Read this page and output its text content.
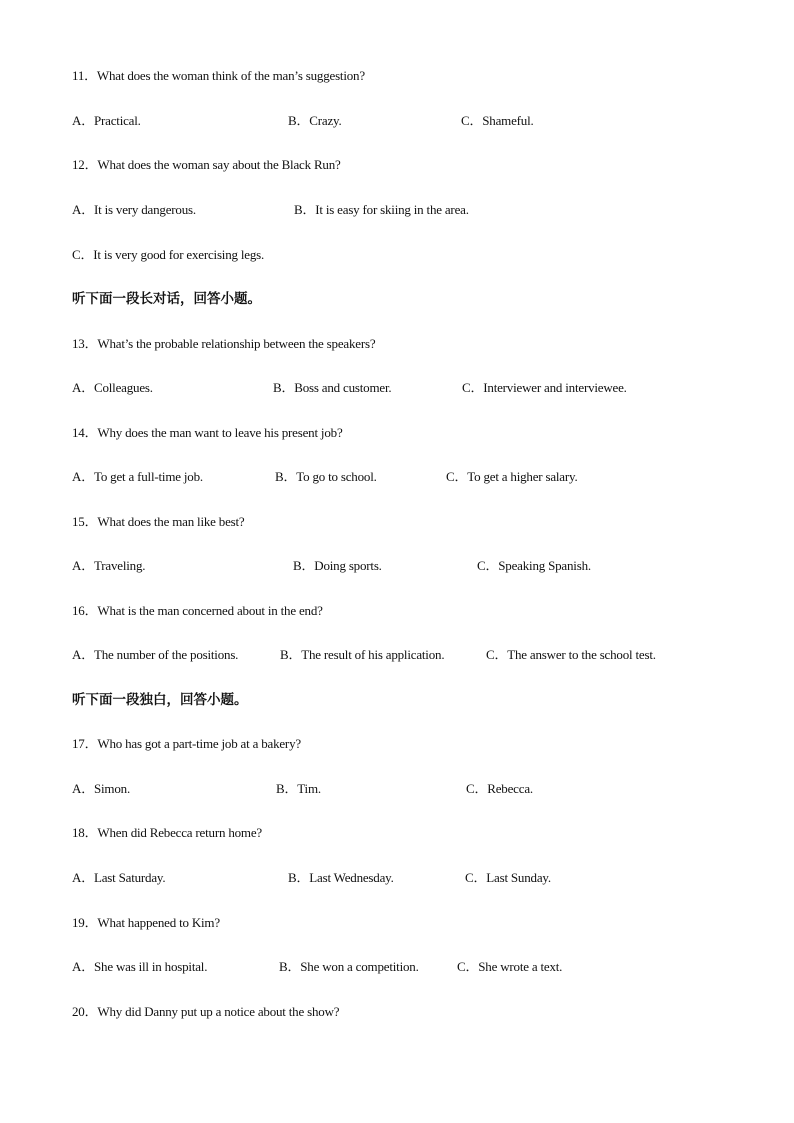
11．What does the woman think of the man’s suggestion?
A．Practical.	B．Crazy.	C．Shameful.
12．What does the woman say about the Black Run?
A．It is very dangerous.	B．It is easy for skiing in the area.
C．It is very good for exercising legs.
听下面一段长对话，回答小题。
13．What’s the probable relationship between the speakers?
A．Colleagues.	B．Boss and customer.	C．Interviewer and interviewee.
14．Why does the man want to leave his present job?
A．To get a full-time job.	B．To go to school.	C．To get a higher salary.
15．What does the man like best?
A．Traveling.	B．Doing sports.	C．Speaking Spanish.
16．What is the man concerned about in the end?
A．The number of the positions.	B．The result of his application.	C．The answer to the school test.
听下面一段独白，回答小题。
17．Who has got a part-time job at a bakery?
A．Simon.	B．Tim.	C．Rebecca.
18．When did Rebecca return home?
A．Last Saturday.	B．Last Wednesday.	C．Last Sunday.
19．What happened to Kim?
A．She was ill in hospital.	B．She won a competition.	C．She wrote a text.
20．Why did Danny put up a notice about the show?
